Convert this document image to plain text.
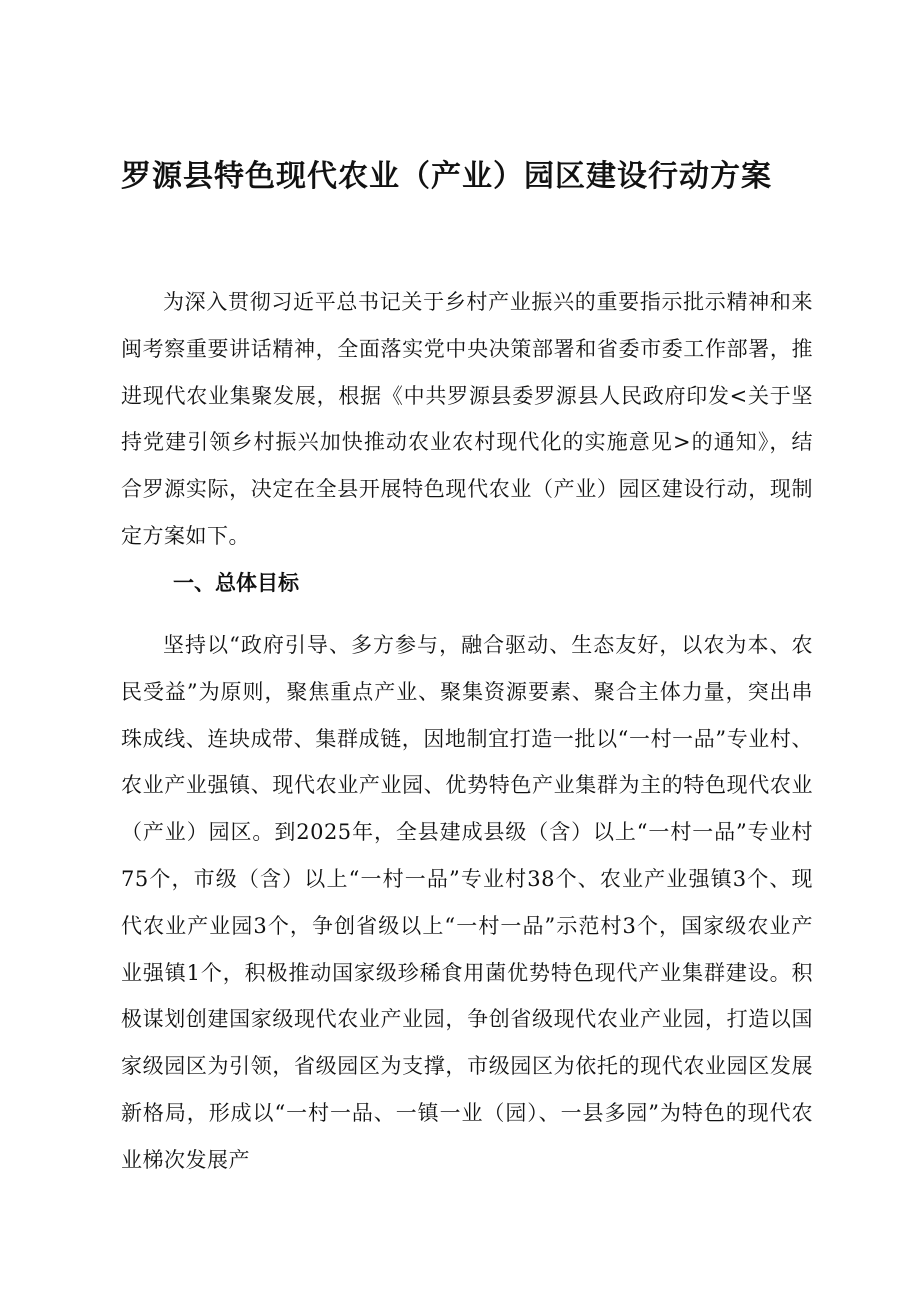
罗源县特色现代农业（产业）园区建设行动方案

为深入贯彻习近平总书记关于乡村产业振兴的重要指示批示精神和来闽考察重要讲话精神，全面落实党中央决策部署和省委市委工作部署，推进现代农业集聚发展，根据《中共罗源县委罗源县人民政府印发<关于坚持党建引领乡村振兴加快推动农业农村现代化的实施意见>的通知》，结合罗源实际，决定在全县开展特色现代农业（产业）园区建设行动，现制定方案如下。

一、总体目标

坚持以“政府引导、多方参与，融合驱动、生态友好，以农为本、农民受益”为原则，聚焦重点产业、聚集资源要素、聚合主体力量，突出串珠成线、连块成带、集群成链，因地制宜打造一批以“一村一品”专业村、农业产业强镇、现代农业产业园、优势特色产业集群为主的特色现代农业（产业）园区。到2025年，全县建成县级（含）以上“一村一品”专业村75个，市级（含）以上“一村一品”专业村38个、农业产业强镇3个、现代农业产业园3个，争创省级以上“一村一品”示范村3个，国家级农业产业强镇1个，积极推动国家级珍稀食用菌优势特色现代产业集群建设。积极谋划创建国家级现代农业产业园，争创省级现代农业产业园，打造以国家级园区为引领，省级园区为支撑，市级园区为依托的现代农业园区发展新格局，形成以“一村一品、一镇一业（园）、一县多园”为特色的现代农业梯次发展产
